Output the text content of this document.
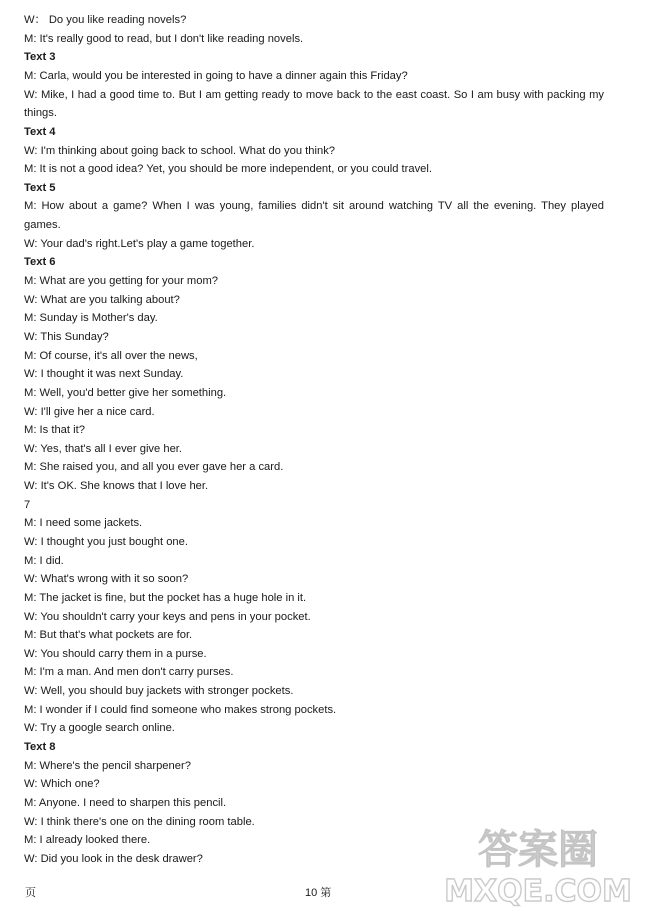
W： Do you like reading novels?
M: It's really good to read, but I don't like reading novels.
Text 3
M: Carla, would you be interested in going to have a dinner again this Friday?
W: Mike, I had a good time to. But I am getting ready to move back to the east coast. So I am busy with packing my things.
Text 4
W: I'm thinking about going back to school. What do you think?
M: It is not a good idea? Yet, you should be more independent, or you could travel.
Text 5
M: How about a game? When I was young, families didn't sit around watching TV all the evening. They played games.
W: Your dad's right.Let's play a game together.
Text 6
M: What are you getting for your mom?
W: What are you talking about?
M: Sunday is Mother's day.
W: This Sunday?
M: Of course, it's all over the news,
W: I thought it was next Sunday.
M: Well, you'd better give her something.
W: I'll give her a nice card.
M: Is that it?
W: Yes, that's all I ever give her.
M: She raised you, and all you ever gave her a card.
W: It's OK. She knows that I love her.
7
M: I need some jackets.
W: I thought you just bought one.
M: I did.
W: What's wrong with it so soon?
M: The jacket is fine, but the pocket has a huge hole in it.
W: You shouldn't carry your keys and pens in your pocket.
M: But that's what pockets are for.
W: You should carry them in a purse.
M: I'm a man. And men don't carry purses.
W: Well, you should buy jackets with stronger pockets.
M: I wonder if I could find someone who makes strong pockets.
W: Try a google search online.
Text 8
M: Where's the pencil sharpener?
W: Which one?
M: Anyone. I need to sharpen this pencil.
W: I think there's one on the dining room table.
M: I already looked there.
W: Did you look in the desk drawer?
页	10 第
答案圈
MXQE.COM
